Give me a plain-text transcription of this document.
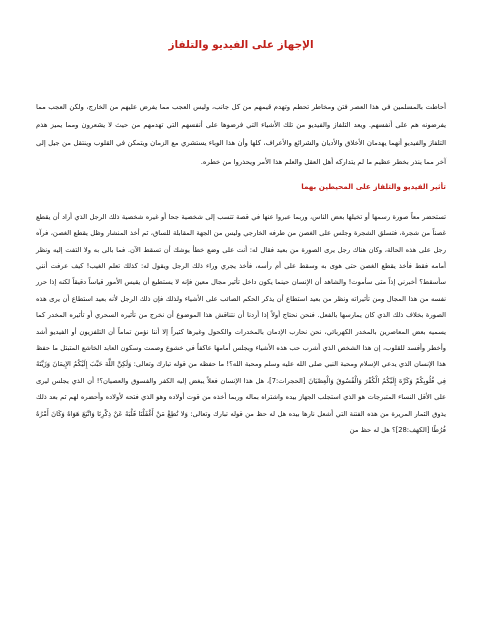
الإجهاز على الفيديو والتلفاز

أحاطت بالمسلمين في هذا العصر فتن ومخاطر تحطم وتهدم قيمهم من كل جانب، وليس العجب مما يفرض عليهم من الخارج، ولكن العجب مما يفرضونه هم على أنفسهم. ويعد التلفاز والفيديو من تلك الأشياء التي فرضوها على أنفسهم التي تهدمهم من حيث لا يشعرون ومما يميز هذم التلفاز والفيديو أنهما يهدمان الأخلاق والأديان والشرائع والأعراف، كلها وأن هذا الوباء يستشري مع الزمان ويتمكن في القلوب وينتقل من جيل إلى آخر مما ينذر بخطر عظيم ما لم يتداركه أهل العقل والعلم هذا الأمر ويحذروا من خطره.

تأثير الفيديو والتلفاز على المحيطين بهما

تستحضر معاً صورة رسمها أو تخيلها بعض الناس، وربما عبروا عنها في قصة تتسب إلى شخصية جحا أو غيره شخصية ذلك الرجل الذي أراد أن يقطع غصناً من شجرة، فتسلق الشجرة وجلس على الغصن من طرفه الخارجي وليس من الجهة المقابلة للساق، ثم أخذ المنشار وظل يقطع الغصن، فرآه رجل على هذه الحالة، وكان هناك رجل يرى الصورة من بعيد فقال له: أنت على وضع خطأ يوشك أن تسقط الآن. فما بالى به ولا التفت إليه ونظر أمامه فقط فأخذ يقطع الغصن حتى هوى به وسقط على أم رأسه، فأخذ يجري وراء ذلك الرجل ويقول له: كذلك تعلم الغيب! كيف عرفت أنني سأسقط؟ أخبرني إذاً متى سأموت! والشاهد أن الإنسان حينما يكون داخل تأثير مجال معين فإنه لا يستطيع أن يقيس الأمور قياساً دقيقاً لكنه إذا حرر نفسه من هذا المجال ومن تأثيراته ونظر من بعيد استطاع أن يذكر الحكم الصائب على الأشياء ولذلك فإن ذلك الرجل لأنه بعيد استطاع أن يرى هذه الصورة بخلاف ذلك الذي كان يمارسها بالفعل. فنحن نحتاج أولاً إذا أردنا أن نتناقش هذا الموضوع أن نخرج من تأثيره السحري أو تأثيره المخدر كما يسميه بعض المعاصرين بالمخدر الكهربائي، نحن نحارب الإدمان بالمخدرات والكحول وغيرها كثيراً إلا أننا نؤمن تماماً أن التلفزيون أو الفيديو أشد وأخطر وأفسد للقلوب، إن هذا الشخص الذي أشرب حب هذه الأشياء ويجلس أمامها عاكفاً في خشوع وصمت وسكون العابد الخاشع المتبتل ما حفظ هذا الإنسان الذي يدعي الإسلام ومحبة النبي صلى الله عليه وسلم ومحبة الله؟! ما حفظه من قوله تبارك وتعالى: وَلَكِنَّ اللَّهَ حَبَّبَ إِلَيْكُمُ الإِيمَانَ وَزَيَّنَهُ فِي قُلُوبِكُمْ وَكَرَّهَ إِلَيْكُمُ الْكُفْرَ وَالْفُسُوقَ وَالْعِصْيَانَ [الحجرات:7]، هل هذا الإنسان فعلاً يبغض إليه الكفر والفسوق والعصيان؟! أن الذي يجلس ليرى على الأقل النساء المتبرجات هو الذي استجلب الجهاز بيده واشتراه بماله وربما أخذه من قوت أولاده وهو الذي فتحه لأولاده وأحضره لهم ثم بعد ذلك يذوق الثمار المريرة من هذه الفتنة التي أشعل نارها بيده هل له حظ من قوله تبارك وتعالى: وَلا تُطِعْ مَنْ أَغْفَلْنَا قَلْبَهُ عَنْ ذِكْرِنَا وَاتَّبَعَ هَوَاهُ وَكَانَ أَمْرُهُ فُرُطًا [الكهف:28]؟ هل له حظ من
